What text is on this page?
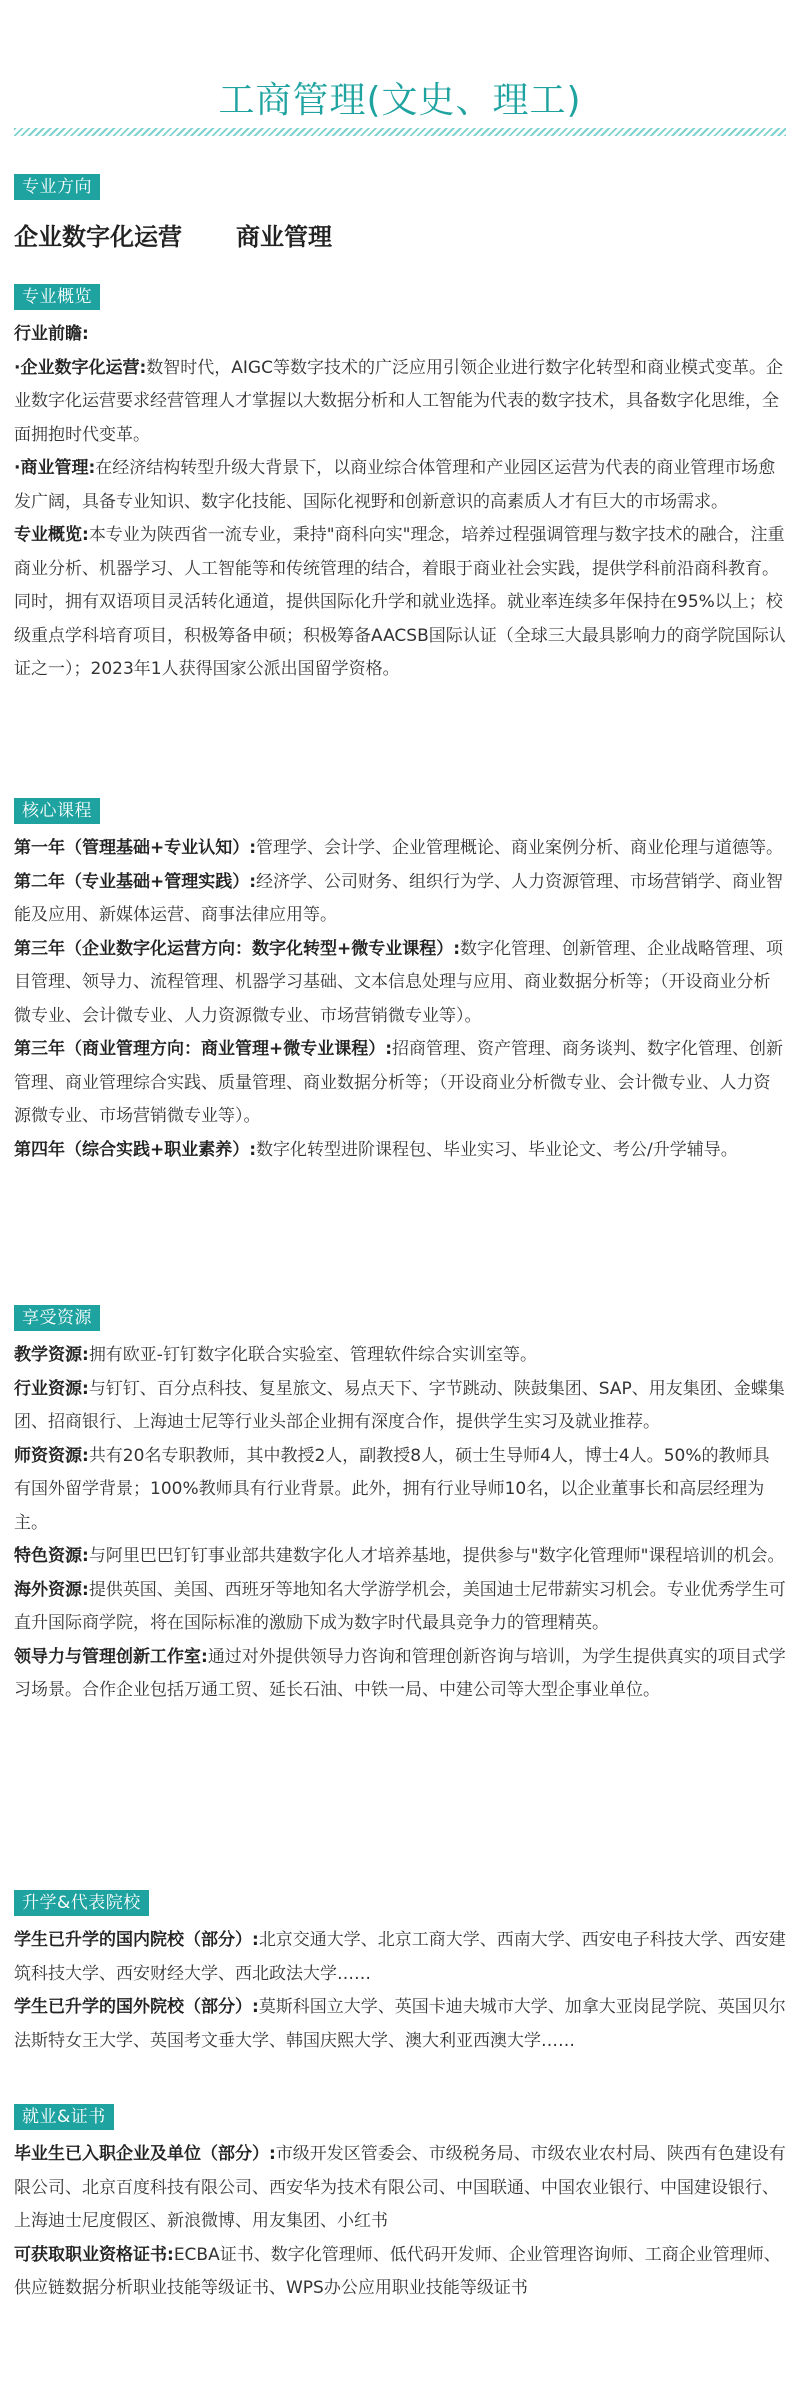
工商管理(文史、理工)
专业方向
企业数字化运营 商业管理
专业概览

行业前瞻:

·企业数字化运营:数智时代，AIGC等数字技术的广泛应用引领企业进行数字化转型和商业模式变革。企业数字化运营要求经营管理人才掌握以大数据分析和人工智能为代表的数字技术，具备数字化思维，全面拥抱时代变革。

·商业管理:在经济结构转型升级大背景下，以商业综合体管理和产业园区运营为代表的商业管理市场愈发广阔，具备专业知识、数字化技能、国际化视野和创新意识的高素质人才有巨大的市场需求。

专业概览:本专业为陕西省一流专业，秉持"商科向实"理念，培养过程强调管理与数字技术的融合，注重商业分析、机器学习、人工智能等和传统管理的结合，着眼于商业社会实践，提供学科前沿商科教育。同时，拥有双语项目灵活转化通道，提供国际化升学和就业选择。就业率连续多年保持在95%以上；校级重点学科培育项目，积极筹备申硕；积极筹备AACSB国际认证（全球三大最具影响力的商学院国际认证之一）；2023年1人获得国家公派出国留学资格。

核心课程

第一年（管理基础+专业认知）:管理学、会计学、企业管理概论、商业案例分析、商业伦理与道德等。

第二年（专业基础+管理实践）:经济学、公司财务、组织行为学、人力资源管理、市场营销学、商业智能及应用、新媒体运营、商事法律应用等。

第三年（企业数字化运营方向：数字化转型+微专业课程）:数字化管理、创新管理、企业战略管理、项目管理、领导力、流程管理、机器学习基础、文本信息处理与应用、商业数据分析等；（开设商业分析微专业、会计微专业、人力资源微专业、市场营销微专业等）。

第三年（商业管理方向：商业管理+微专业课程）:招商管理、资产管理、商务谈判、数字化管理、创新管理、商业管理综合实践、质量管理、商业数据分析等；（开设商业分析微专业、会计微专业、人力资源微专业、市场营销微专业等）。

第四年（综合实践+职业素养）:数字化转型进阶课程包、毕业实习、毕业论文、考公/升学辅导。

享受资源

教学资源:拥有欧亚-钉钉数字化联合实验室、管理软件综合实训室等。

行业资源:与钉钉、百分点科技、复星旅文、易点天下、字节跳动、陕鼓集团、SAP、用友集团、金蝶集团、招商银行、上海迪士尼等行业头部企业拥有深度合作，提供学生实习及就业推荐。

师资资源:共有20名专职教师，其中教授2人，副教授8人，硕士生导师4人，博士4人。50%的教师具有国外留学背景；100%教师具有行业背景。此外，拥有行业导师10名，以企业董事长和高层经理为主。

特色资源:与阿里巴巴钉钉事业部共建数字化人才培养基地，提供参与"数字化管理师"课程培训的机会。

海外资源:提供英国、美国、西班牙等地知名大学游学机会，美国迪士尼带薪实习机会。专业优秀学生可直升国际商学院，将在国际标准的激励下成为数字时代最具竞争力的管理精英。

领导力与管理创新工作室:通过对外提供领导力咨询和管理创新咨询与培训，为学生提供真实的项目式学习场景。合作企业包括万通工贸、延长石油、中铁一局、中建公司等大型企事业单位。

升学&代表院校

学生已升学的国内院校（部分）:北京交通大学、北京工商大学、西南大学、西安电子科技大学、西安建筑科技大学、西安财经大学、西北政法大学……

学生已升学的国外院校（部分）:莫斯科国立大学、英国卡迪夫城市大学、加拿大亚岗昆学院、英国贝尔法斯特女王大学、英国考文垂大学、韩国庆熙大学、澳大利亚西澳大学……

就业&证书

毕业生已入职企业及单位（部分）:市级开发区管委会、市级税务局、市级农业农村局、陕西有色建设有限公司、北京百度科技有限公司、西安华为技术有限公司、中国联通、中国农业银行、中国建设银行、上海迪士尼度假区、新浪微博、用友集团、小红书

可获取职业资格证书:ECBA证书、数字化管理师、低代码开发师、企业管理咨询师、工商企业管理师、供应链数据分析职业技能等级证书、WPS办公应用职业技能等级证书
